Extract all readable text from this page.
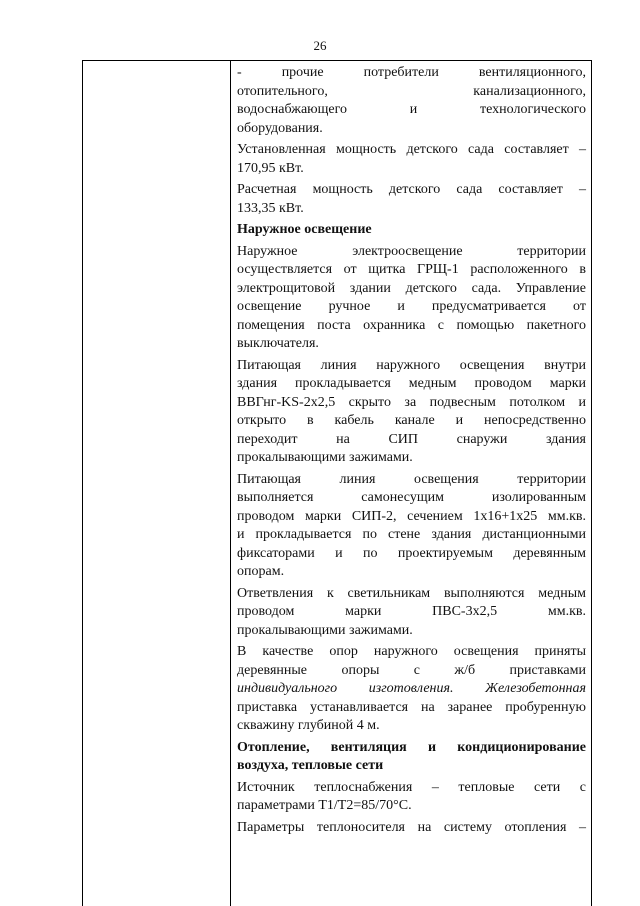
26
- прочие потребители вентиляционного,
отопительного, канализационного,
водоснабжающего и технологического
оборудования.
Установленная мощность детского сада составляет –
170,95 кВт.
Расчетная мощность детского сада составляет –
133,35 кВт.
Наружное освещение
Наружное электроосвещение территории
осуществляется от щитка ГРЩ-1 расположенного в
электрощитовой здании детского сада. Управление
освещение ручное и предусматривается от
помещения поста охранника с помощью пакетного
выключателя.
Питающая линия наружного освещения внутри
здания прокладывается медным проводом марки
ВВГнг-KS-2х2,5 скрыто за подвесным потолком и
открыто в кабель канале и непосредственно
переходит на СИП снаружи здания
прокалывающими зажимами.
Питающая линия освещения территории
выполняется самонесущим изолированным
проводом марки СИП-2, сечением 1х16+1х25 мм.кв.
и прокладывается по стене здания дистанционными
фиксаторами и по проектируемым деревянным
опорам.
Ответвления к светильникам выполняются медным
проводом марки ПВС-3х2,5 мм.кв.
прокалывающими зажимами.
В качестве опор наружного освещения приняты
деревянные опоры с ж/б приставками
индивидуального изготовления. Железобетонная
приставка устанавливается на заранее пробуренную
скважину глубиной 4 м.
Отопление, вентиляция и кондиционирование
воздуха, тепловые сети
Источник теплоснабжения – тепловые сети с
параметрами Т1/Т2=85/70°С.
Параметры теплоносителя на систему отопления –
